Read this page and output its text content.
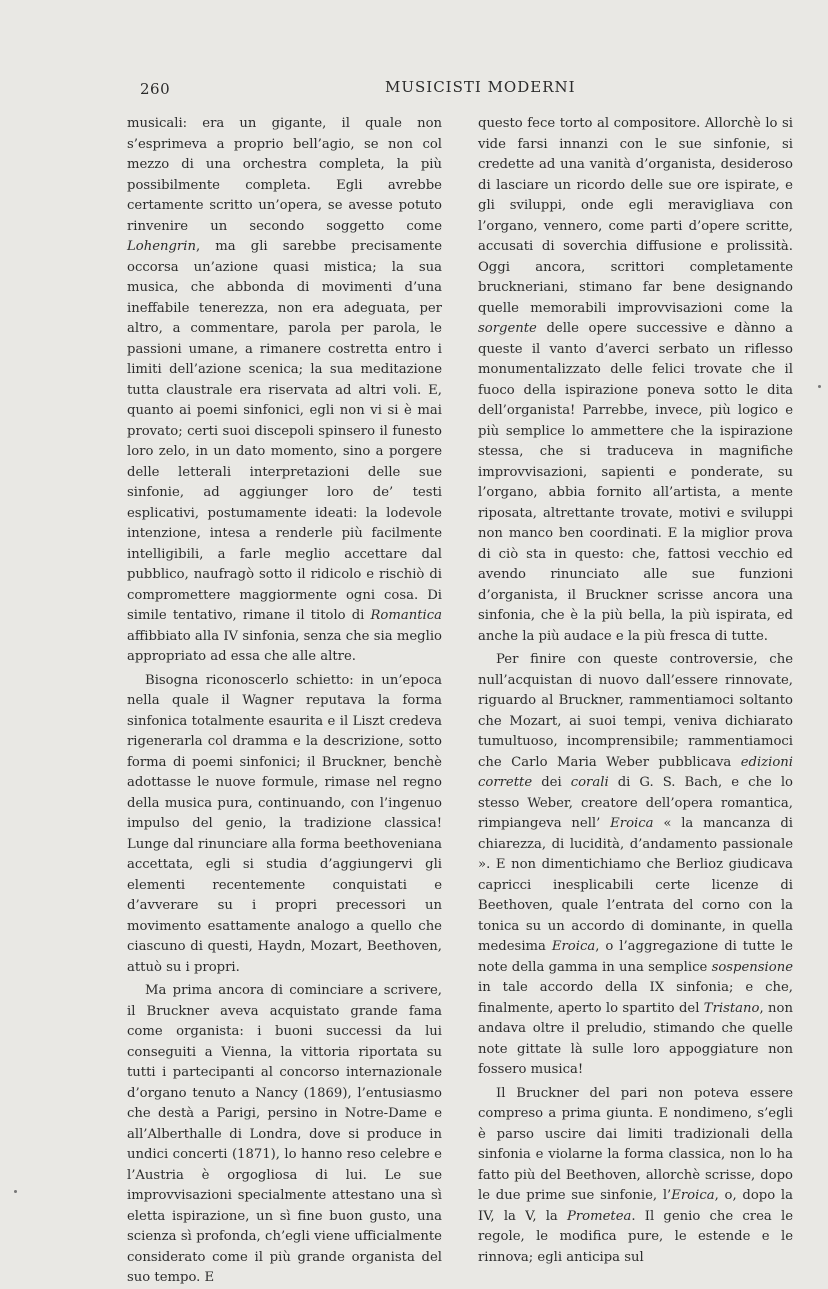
260	MUSICISTI MODERNI

musicali: era un gigante, il quale non s’esprimeva a proprio bell’agio, se non col mezzo di una orchestra completa, la più possibilmente completa. Egli avrebbe certamente scritto un’opera, se avesse potuto rinvenire un secondo soggetto come Lohengrin, ma gli sarebbe precisamente occorsa un’azione quasi mistica; la sua musica, che abbonda di movimenti d’una ineffabile tenerezza, non era adeguata, per altro, a commentare, parola per parola, le passioni umane, a rimanere costretta entro i limiti dell’azione scenica; la sua meditazione tutta claustrale era riservata ad altri voli. E, quanto ai poemi sinfonici, egli non vi si è mai provato; certi suoi discepoli spinsero il funesto loro zelo, in un dato momento, sino a porgere delle letterali interpretazioni delle sue sinfonie, ad aggiunger loro de’ testi esplicativi, postumamente ideati: la lodevole intenzione, intesa a renderle più facilmente intelligibili, a farle meglio accettare dal pubblico, naufragò sotto il ridicolo e rischiò di compromettere maggiormente ogni cosa. Di simile tentativo, rimane il titolo di Romantica affibbiato alla IV sinfonia, senza che sia meglio appropriato ad essa che alle altre.

Bisogna riconoscerlo schietto: in un’epoca nella quale il Wagner reputava la forma sinfonica totalmente esaurita e il Liszt credeva rigenerarla col dramma e la descrizione, sotto forma di poemi sinfonici; il Bruckner, benchè adottasse le nuove formule, rimase nel regno della musica pura, continuando, con l’ingenuo impulso del genio, la tradizione classica! Lunge dal rinunciare alla forma beethoveniana accettata, egli si studia d’aggiungervi gli elementi recentemente conquistati e d’avverare su i propri precessori un movimento esattamente analogo a quello che ciascuno di questi, Haydn, Mozart, Beethoven, attuò su i propri.

Ma prima ancora di cominciare a scrivere, il Bruckner aveva acquistato grande fama come organista: i buoni successi da lui conseguiti a Vienna, la vittoria riportata su tutti i partecipanti al concorso internazionale d’organo tenuto a Nancy (1869), l’entusiasmo che destà a Parigi, persino in Notre-Dame e all’Alberthalle di Londra, dove si produce in undici concerti (1871), lo hanno reso celebre e l’Austria è orgogliosa di lui. Le sue improvvisazioni specialmente attestano una sì eletta ispirazione, un sì fine buon gusto, una scienza sì profonda, ch’egli viene ufficialmente considerato come il più grande organista del suo tempo. E

questo fece torto al compositore. Allorchè lo si vide farsi innanzi con le sue sinfonie, si credette ad una vanità d’organista, desideroso di lasciare un ricordo delle sue ore ispirate, e gli sviluppi, onde egli meravigliava con l’organo, vennero, come parti d’opere scritte, accusati di soverchia diffusione e prolissità. Oggi ancora, scrittori completamente bruckneriani, stimano far bene designando quelle memorabili improvvisazioni come la sorgente delle opere successive e dànno a queste il vanto d’averci serbato un riflesso monumentalizzato delle felici trovate che il fuoco della ispirazione poneva sotto le dita dell’organista! Parrebbe, invece, più logico e più semplice lo ammettere che la ispirazione stessa, che si traduceva in magnifiche improvvisazioni, sapienti e ponderate, su l’organo, abbia fornito all’artista, a mente riposata, altrettante trovate, motivi e sviluppi non manco ben coordinati. E la miglior prova di ciò sta in questo: che, fattosi vecchio ed avendo rinunciato alle sue funzioni d’organista, il Bruckner scrisse ancora una sinfonia, che è la più bella, la più ispirata, ed anche la più audace e la più fresca di tutte.

Per finire con queste controversie, che null’acquistan di nuovo dall’essere rinnovate, riguardo al Bruckner, rammentiamoci soltanto che Mozart, ai suoi tempi, veniva dichiarato tumultuoso, incomprensibile; rammentiamoci che Carlo Maria Weber pubblicava edizioni corrette dei corali di G. S. Bach, e che lo stesso Weber, creatore dell’opera romantica, rimpiangeva nell’ Eroica « la mancanza di chiarezza, di lucidità, d’andamento passionale ». E non dimentichiamo che Berlioz giudicava capricci inesplicabili certe licenze di Beethoven, quale l’entrata del corno con la tonica su un accordo di dominante, in quella medesima Eroica, o l’aggregazione di tutte le note della gamma in una semplice sospensione in tale accordo della IX sinfonia; e che, finalmente, aperto lo spartito del Tristano, non andava oltre il preludio, stimando che quelle note gittate là sulle loro appoggiature non fossero musica!

Il Bruckner del pari non poteva essere compreso a prima giunta. E nondimeno, s’egli è parso uscire dai limiti tradizionali della sinfonia e violarne la forma classica, non lo ha fatto più del Beethoven, allorchè scrisse, dopo le due prime sue sinfonie, l’Eroica, o, dopo la IV, la V, la Prometea. Il genio che crea le regole, le modifica pure, le estende e le rinnova; egli anticipa sul
